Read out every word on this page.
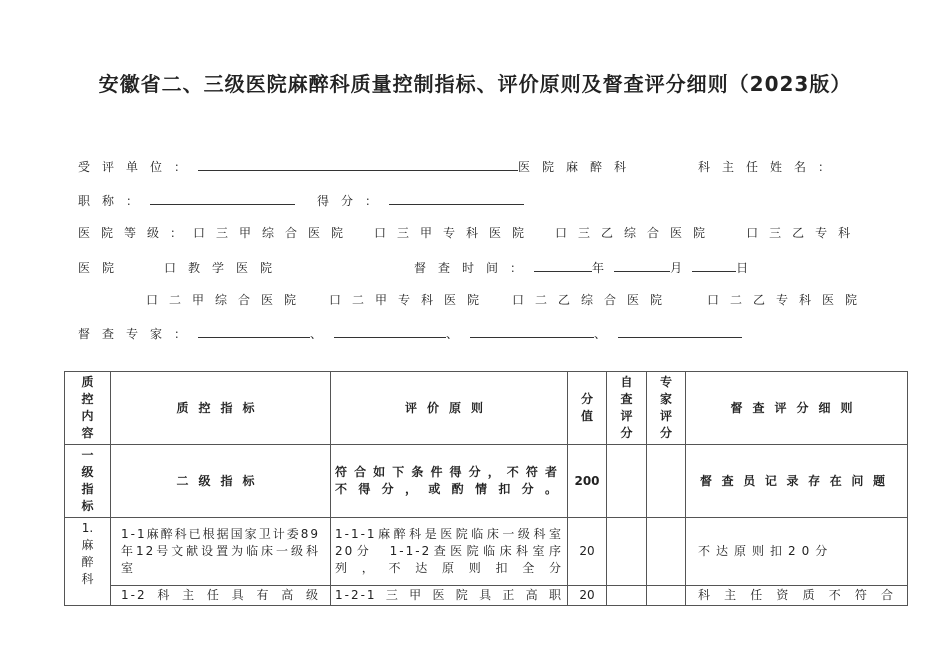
安徽省二、三级医院麻醉科质量控制指标、评价原则及督查评分细则（2023版）
受评单位：	医院麻醉科	科主任姓名：
职称：	得分：
医院等级：口三甲综合医院 口三甲专科医院 口三乙综合医院	口三乙专科
医院	口教学医院	督查时间：	年	月	日
口二甲综合医院 口二甲专科医院 口二乙综合医院	口二乙专科医院
督查专家：	、	、	、
质控内容	质控指标	评价原则	分值	自查评分	专家评分	督查评分细则

一级指标	二级指标	符合如下条件得分，不符者不得分，或酌情扣分。	200			督查员记录存在问题

1.麻醉科	1-1麻醉科已根据国家卫计委89年12号文献设置为临床一级科室	1-1-1麻醉科是医院临床一级科室　20分　1-1-2查医院临床科室序列，不达原则扣全分	20			不达原则扣20分
	1-2科主任具有高级	1-2-1三甲医院具正高职	20			科主任资质不符合
